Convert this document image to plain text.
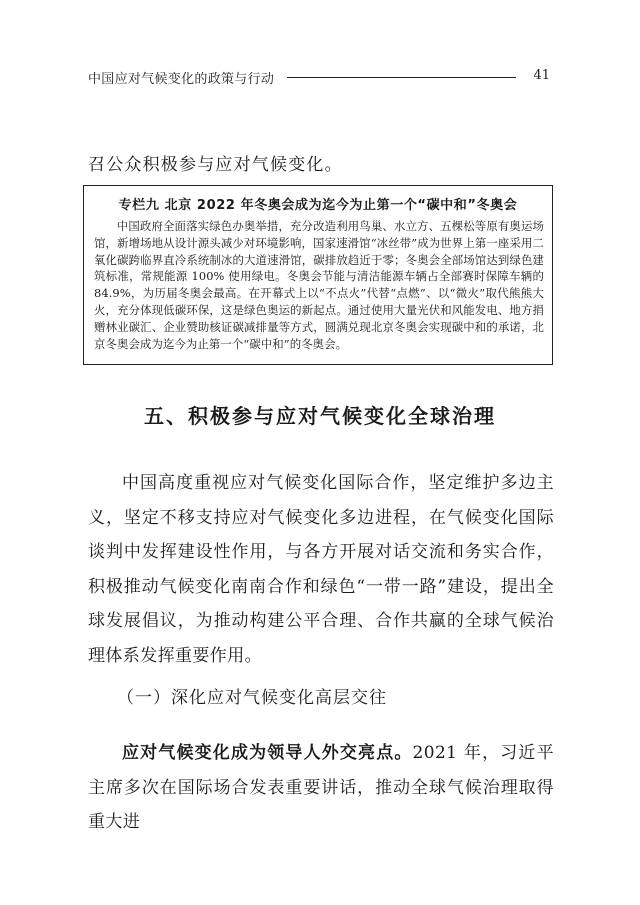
中国应对气候变化的政策与行动	41
召公众积极参与应对气候变化。
专栏九 北京 2022 年冬奥会成为迄今为止第一个“碳中和”冬奥会

中国政府全面落实绿色办奥举措，充分改造利用鸟巢、水立方、五棵松等原有奥运场馆，新增场地从设计源头减少对环境影响，国家速滑馆“冰丝带”成为世界上第一座采用二氧化碳跨临界直冷系统制冰的大道速滑馆，碳排放趋近于零；冬奥会全部场馆达到绿色建筑标准，常规能源 100% 使用绿电。冬奥会节能与清洁能源车辆占全部赛时保障车辆的 84.9%，为历届冬奥会最高。在开幕式上以“不点火”代替“点燃”、以“微火”取代熊熊大火，充分体现低碳环保，这是绿色奥运的新起点。通过使用大量光伏和风能发电、地方捐赠林业碳汇、企业赞助核证碳减排量等方式，圆满兑现北京冬奥会实现碳中和的承诺，北京冬奥会成为迄今为止第一个“碳中和”的冬奥会。

五、积极参与应对气候变化全球治理

中国高度重视应对气候变化国际合作，坚定维护多边主义，坚定不移支持应对气候变化多边进程，在气候变化国际谈判中发挥建设性作用，与各方开展对话交流和务实合作，积极推动气候变化南南合作和绿色“一带一路”建设，提出全球发展倡议，为推动构建公平合理、合作共赢的全球气候治理体系发挥重要作用。

（一）深化应对气候变化高层交往

应对气候变化成为领导人外交亮点。2021 年，习近平主席多次在国际场合发表重要讲话，推动全球气候治理取得重大进
